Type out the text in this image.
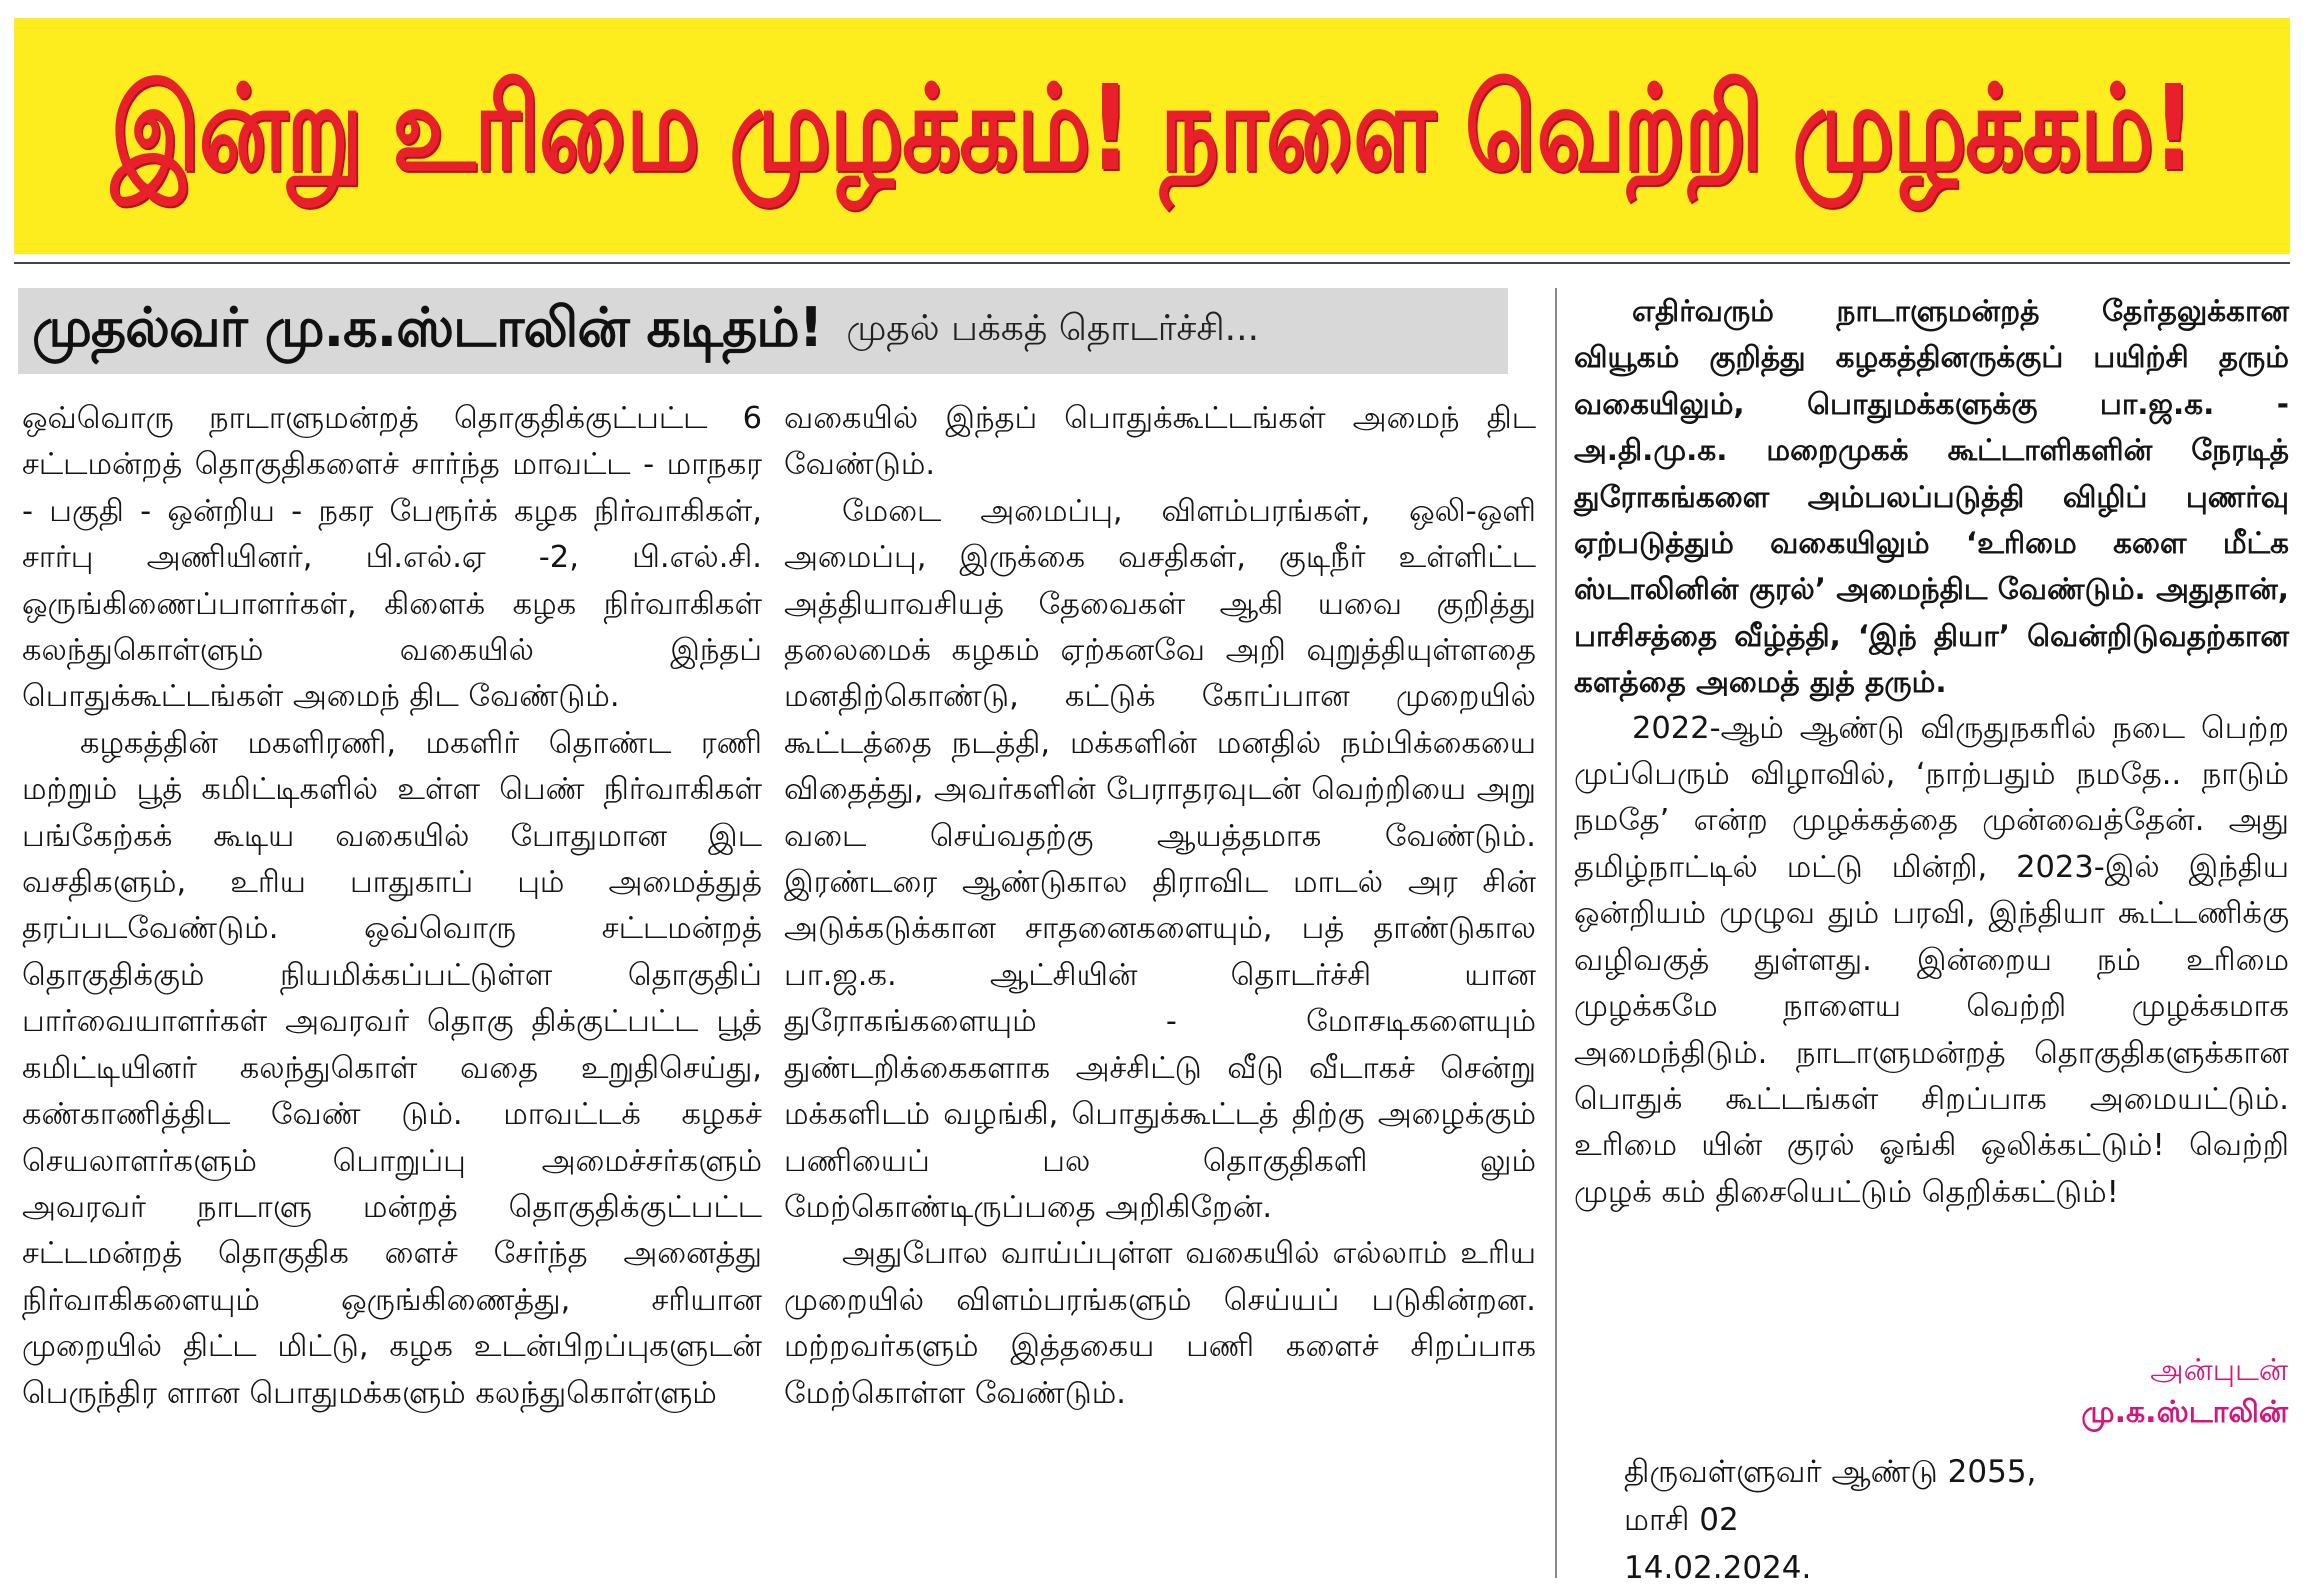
இன்று உரிமை முழக்கம்! நாளை வெற்றி முழக்கம்!
முதல்வர் மு.க.ஸ்டாலின் கடிதம்! முதல் பக்கத் தொடர்ச்சி...

ஒவ்வொரு நாடாளுமன்றத் தொகுதிக்குட்பட்ட 6 சட்டமன்றத் தொகுதிகளைச் சார்ந்த மாவட்ட - மாநகர - பகுதி - ஒன்றிய - நகர பேரூர்க் கழக நிர்வாகிகள், சார்பு அணியினர், பி.எல்.ஏ -2, பி.எல்.சி. ஒருங்கிணைப்பாளர்கள், கிளைக் கழக நிர்வாகிகள் கலந்துகொள்ளும் வகையில் இந்தப் பொதுக்கூட்டங்கள் அமைந் திட வேண்டும்.

கழகத்தின் மகளிரணி, மகளிர் தொண்ட ரணி மற்றும் பூத் கமிட்டிகளில் உள்ள பெண் நிர்வாகிகள் பங்கேற்கக் கூடிய வகையில் போதுமான இட வசதிகளும், உரிய பாதுகாப் பும் அமைத்துத் தரப்படவேண்டும். ஒவ்வொரு சட்டமன்றத் தொகுதிக்கும் நியமிக்கப்பட்டுள்ள தொகுதிப் பார்வையாளர்கள் அவரவர் தொகு திக்குட்பட்ட பூத் கமிட்டியினர் கலந்துகொள் வதை உறுதிசெய்து, கண்காணித்திட வேண் டும். மாவட்டக் கழகச் செயலாளர்களும் பொறுப்பு அமைச்சர்களும் அவரவர் நாடாளு மன்றத் தொகுதிக்குட்பட்ட சட்டமன்றத் தொகுதிக ளைச் சேர்ந்த அனைத்து நிர்வாகிகளையும் ஒருங்கிணைத்து, சரியான முறையில் திட்ட மிட்டு, கழக உடன்பிறப்புகளுடன் பெருந்திர ளான பொதுமக்களும் கலந்துகொள்ளும்

வகையில் இந்தப் பொதுக்கூட்டங்கள் அமைந் திட வேண்டும்.

மேடை அமைப்பு, விளம்பரங்கள், ஒலி-ஒளி அமைப்பு, இருக்கை வசதிகள், குடிநீர் உள்ளிட்ட அத்தியாவசியத் தேவைகள் ஆகி யவை குறித்து தலைமைக் கழகம் ஏற்கனவே அறி வுறுத்தியுள்ளதை மனதிற்கொண்டு, கட்டுக் கோப்பான முறையில் கூட்டத்தை நடத்தி, மக்களின் மனதில் நம்பிக்கையை விதைத்து, அவர்களின் பேராதரவுடன் வெற்றியை அறு வடை செய்வதற்கு ஆயத்தமாக வேண்டும். இரண்டரை ஆண்டுகால திராவிட மாடல் அர சின் அடுக்கடுக்கான சாதனைகளையும், பத் தாண்டுகால பா.ஜ.க. ஆட்சியின் தொடர்ச்சி யான துரோகங்களையும் - மோசடிகளையும் துண்டறிக்கைகளாக அச்சிட்டு வீடு வீடாகச் சென்று மக்களிடம் வழங்கி, பொதுக்கூட்டத் திற்கு அழைக்கும் பணியைப் பல தொகுதிகளி லும் மேற்கொண்டிருப்பதை அறிகிறேன்.

அதுபோல வாய்ப்புள்ள வகையில் எல்லாம் உரிய முறையில் விளம்பரங்களும் செய்யப் படுகின்றன. மற்றவர்களும் இத்தகைய பணி களைச் சிறப்பாக மேற்கொள்ள வேண்டும்.

எதிர்வரும் நாடாளுமன்றத் தேர்தலுக்கான வியூகம் குறித்து கழகத்தினருக்குப் பயிற்சி தரும் வகையிலும், பொதுமக்களுக்கு பா.ஜ.க. - அ.தி.மு.க. மறைமுகக் கூட்டாளிகளின் நேரடித் துரோகங்களை அம்பலப்படுத்தி விழிப் புணர்வு ஏற்படுத்தும் வகையிலும் ‘உரிமை களை மீட்க ஸ்டாலினின் குரல்’ அமைந்திட வேண்டும். அதுதான், பாசிசத்தை வீழ்த்தி, ‘இந் தியா’ வென்றிடுவதற்கான களத்தை அமைத் துத் தரும்.

2022-ஆம் ஆண்டு விருதுநகரில் நடை பெற்ற முப்பெரும் விழாவில், ‘நாற்பதும் நமதே.. நாடும் நமதே’ என்ற முழக்கத்தை முன்வைத்தேன். அது தமிழ்நாட்டில் மட்டு மின்றி, 2023-இல் இந்திய ஒன்றியம் முழுவ தும் பரவி, இந்தியா கூட்டணிக்கு வழிவகுத் துள்ளது. இன்றைய நம் உரிமை முழக்கமே நாளைய வெற்றி முழக்கமாக அமைந்திடும். நாடாளுமன்றத் தொகுதிகளுக்கான பொதுக் கூட்டங்கள் சிறப்பாக அமையட்டும். உரிமை யின் குரல் ஓங்கி ஒலிக்கட்டும்! வெற்றி முழக் கம் திசையெட்டும் தெறிக்கட்டும்!

அன்புடன்
மு.க.ஸ்டாலின்
திருவள்ளுவர் ஆண்டு 2055,
மாசி 02
14.02.2024.
